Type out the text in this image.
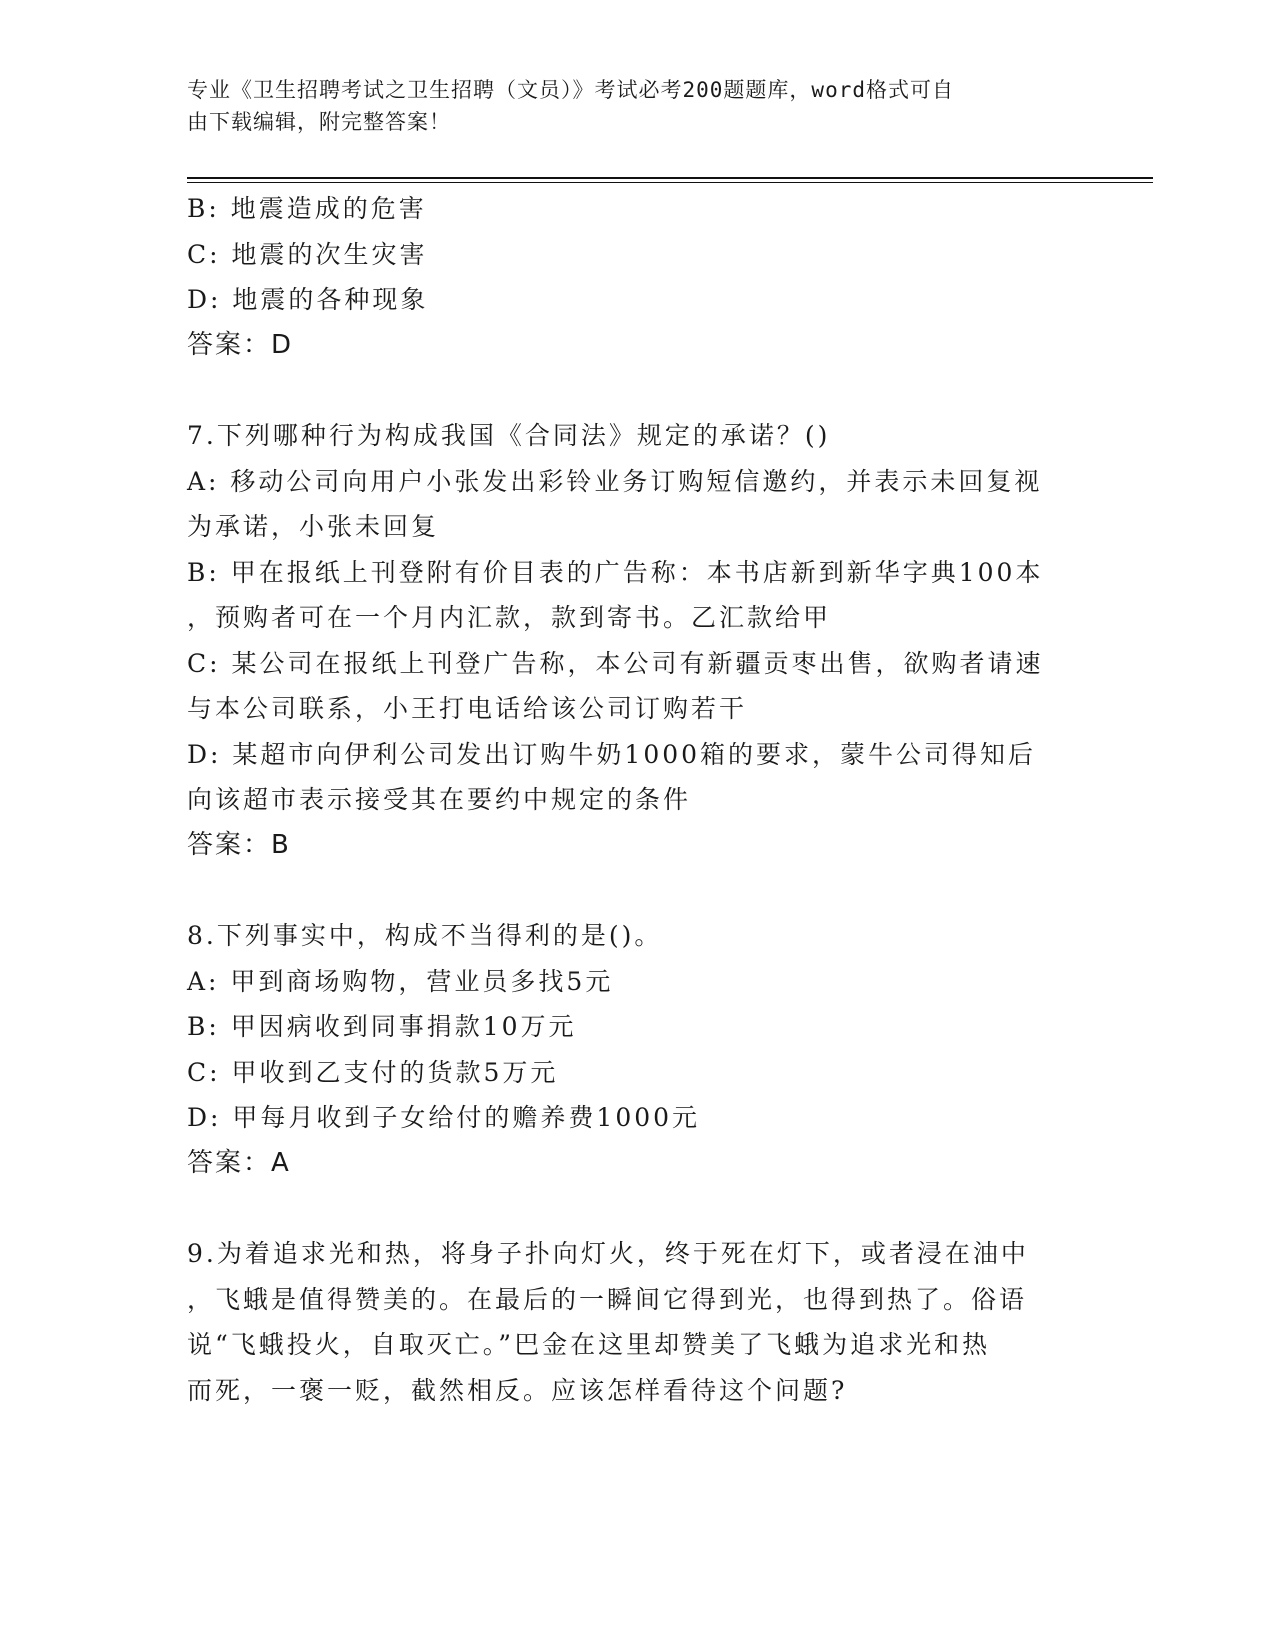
专业《卫生招聘考试之卫生招聘（文员）》考试必考200题题库，word格式可自
由下载编辑，附完整答案！
B: 地震造成的危害
C: 地震的次生灾害
D: 地震的各种现象
答案：D
7.下列哪种行为构成我国《合同法》规定的承诺？()
A: 移动公司向用户小张发出彩铃业务订购短信邀约，并表示未回复视
为承诺，小张未回复
B: 甲在报纸上刊登附有价目表的广告称：本书店新到新华字典100本
，预购者可在一个月内汇款，款到寄书。乙汇款给甲
C: 某公司在报纸上刊登广告称，本公司有新疆贡枣出售，欲购者请速
与本公司联系，小王打电话给该公司订购若干
D: 某超市向伊利公司发出订购牛奶1000箱的要求，蒙牛公司得知后
向该超市表示接受其在要约中规定的条件
答案：B
8.下列事实中，构成不当得利的是()。
A: 甲到商场购物，营业员多找5元
B: 甲因病收到同事捐款10万元
C: 甲收到乙支付的货款5万元
D: 甲每月收到子女给付的赡养费1000元
答案：A
9.为着追求光和热，将身子扑向灯火，终于死在灯下，或者浸在油中
，飞蛾是值得赞美的。在最后的一瞬间它得到光，也得到热了。俗语
说“飞蛾投火，自取灭亡。”巴金在这里却赞美了飞蛾为追求光和热
而死，一褒一贬，截然相反。应该怎样看待这个问题?
